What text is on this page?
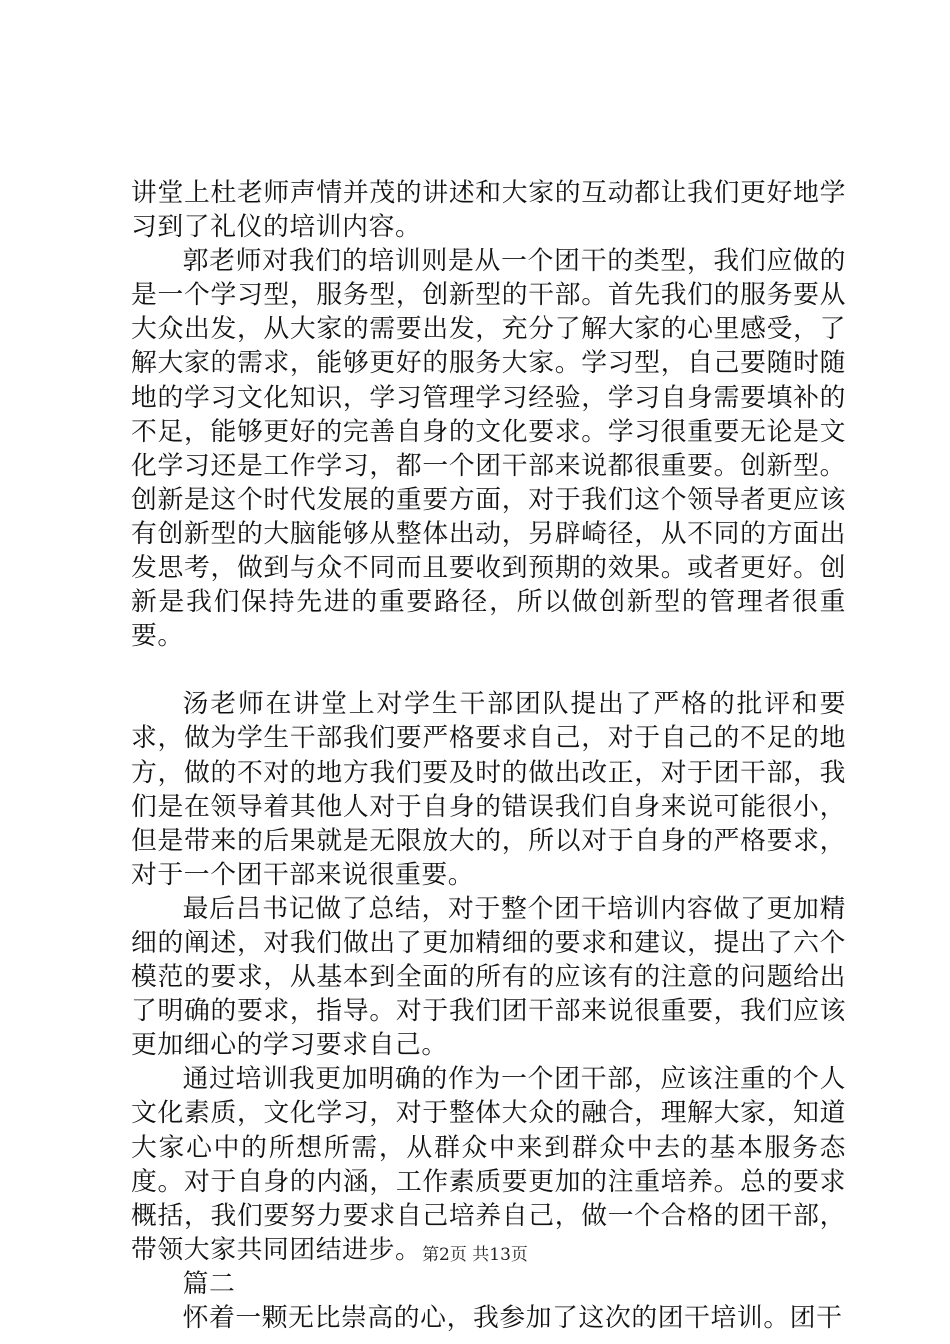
讲堂上杜老师声情并茂的讲述和大家的互动都让我们更好地学习到了礼仪的培训内容。

郭老师对我们的培训则是从一个团干的类型，我们应做的是一个学习型，服务型，创新型的干部。首先我们的服务要从大众出发，从大家的需要出发，充分了解大家的心里感受，了解大家的需求，能够更好的服务大家。学习型，自己要随时随地的学习文化知识，学习管理学习经验，学习自身需要填补的不足，能够更好的完善自身的文化要求。学习很重要无论是文化学习还是工作学习，都一个团干部来说都很重要。创新型。创新是这个时代发展的重要方面，对于我们这个领导者更应该有创新型的大脑能够从整体出动，另辟崎径，从不同的方面出发思考，做到与众不同而且要收到预期的效果。或者更好。创新是我们保持先进的重要路径，所以做创新型的管理者很重要。

汤老师在讲堂上对学生干部团队提出了严格的批评和要求，做为学生干部我们要严格要求自己，对于自己的不足的地方，做的不对的地方我们要及时的做出改正，对于团干部，我们是在领导着其他人对于自身的错误我们自身来说可能很小，但是带来的后果就是无限放大的，所以对于自身的严格要求，对于一个团干部来说很重要。

最后吕书记做了总结，对于整个团干培训内容做了更加精细的阐述，对我们做出了更加精细的要求和建议，提出了六个模范的要求，从基本到全面的所有的应该有的注意的问题给出了明确的要求，指导。对于我们团干部来说很重要，我们应该更加细心的学习要求自己。

通过培训我更加明确的作为一个团干部，应该注重的个人文化素质，文化学习，对于整体大众的融合，理解大家，知道大家心中的所想所需，从群众中来到群众中去的基本服务态度。对于自身的内涵，工作素质要更加的注重培养。总的要求概括，我们要努力要求自己培养自己，做一个合格的团干部，带领大家共同团结进步。

篇二

怀着一颗无比崇高的心，我参加了这次的团干培训。团干

第2页 共13页
